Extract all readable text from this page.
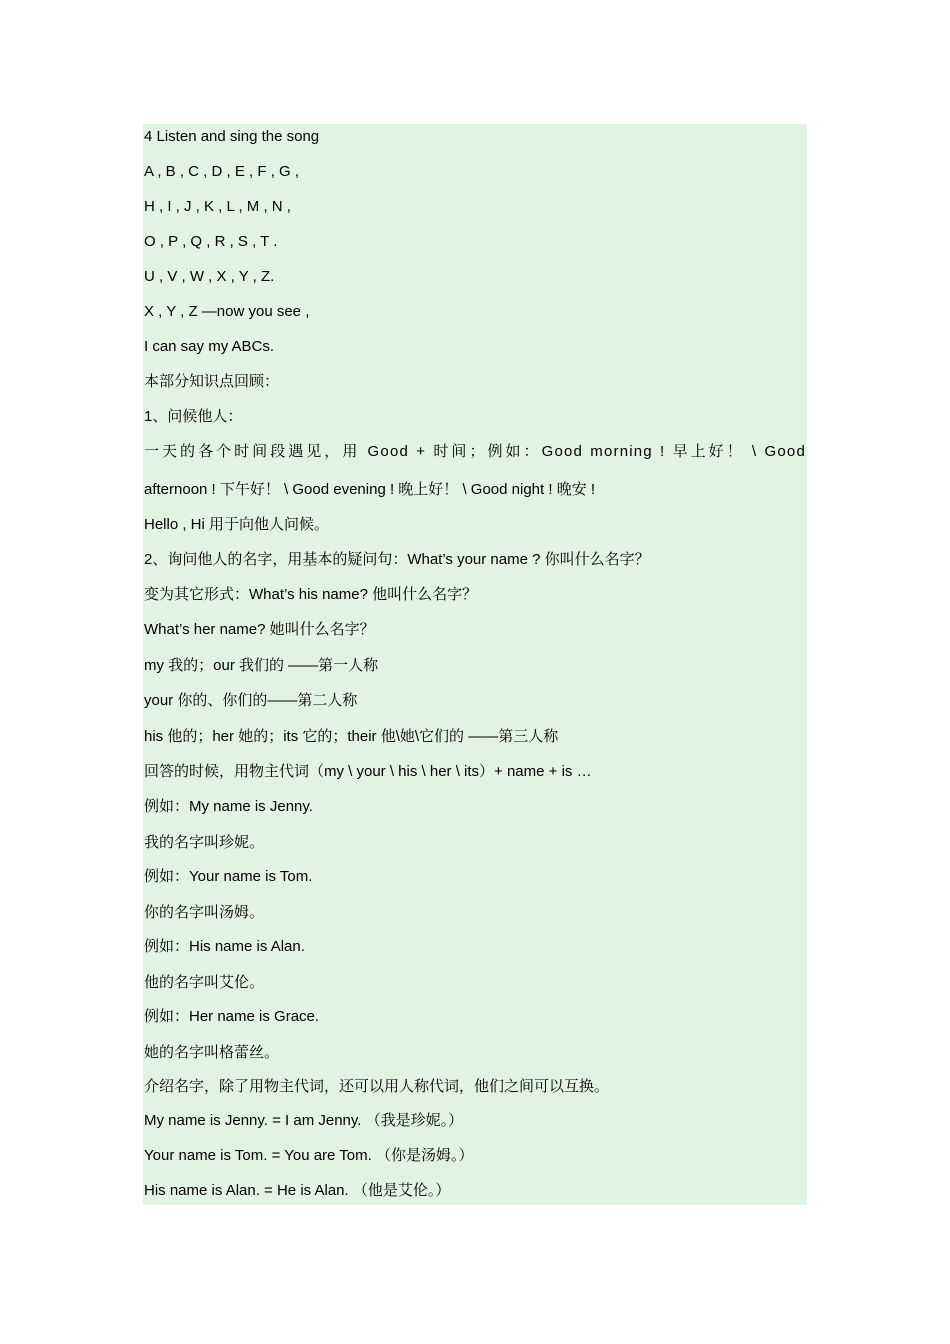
4 Listen and sing the song
A , B , C , D , E , F , G ,
H , I , J , K , L , M , N ,
O , P , Q , R , S , T .
U , V , W , X , Y , Z.
X , Y , Z —now you see ,
I can say my ABCs.
本部分知识点回顾：
1、问候他人：
一天的各个时间段遇见，用 Good + 时间；例如：Good morning ! 早上好！ \ Good
afternoon ! 下午好！ \ Good evening ! 晚上好！ \ Good night ! 晚安 !
Hello , Hi 用于向他人问候。
2、询问他人的名字，用基本的疑问句：What’s your name ? 你叫什么名字？
变为其它形式：What’s his name? 他叫什么名字？
What’s her name? 她叫什么名字？
my 我的；our 我们的 ——第一人称
your 你的、你们的——第二人称
his 他的；her 她的；its 它的；their 他\她\它们的 ——第三人称
回答的时候，用物主代词（my \ your \ his \ her \ its）+ name + is …
例如：My name is Jenny.
我的名字叫珍妮。
例如：Your name is Tom.
你的名字叫汤姆。
例如：His name is Alan.
他的名字叫艾伦。
例如：Her name is Grace.
她的名字叫格蕾丝。
介绍名字，除了用物主代词，还可以用人称代词，他们之间可以互换。
My name is Jenny. = I am Jenny. （我是珍妮。）
Your name is Tom. = You are Tom. （你是汤姆。）
His name is Alan. = He is Alan. （他是艾伦。）
